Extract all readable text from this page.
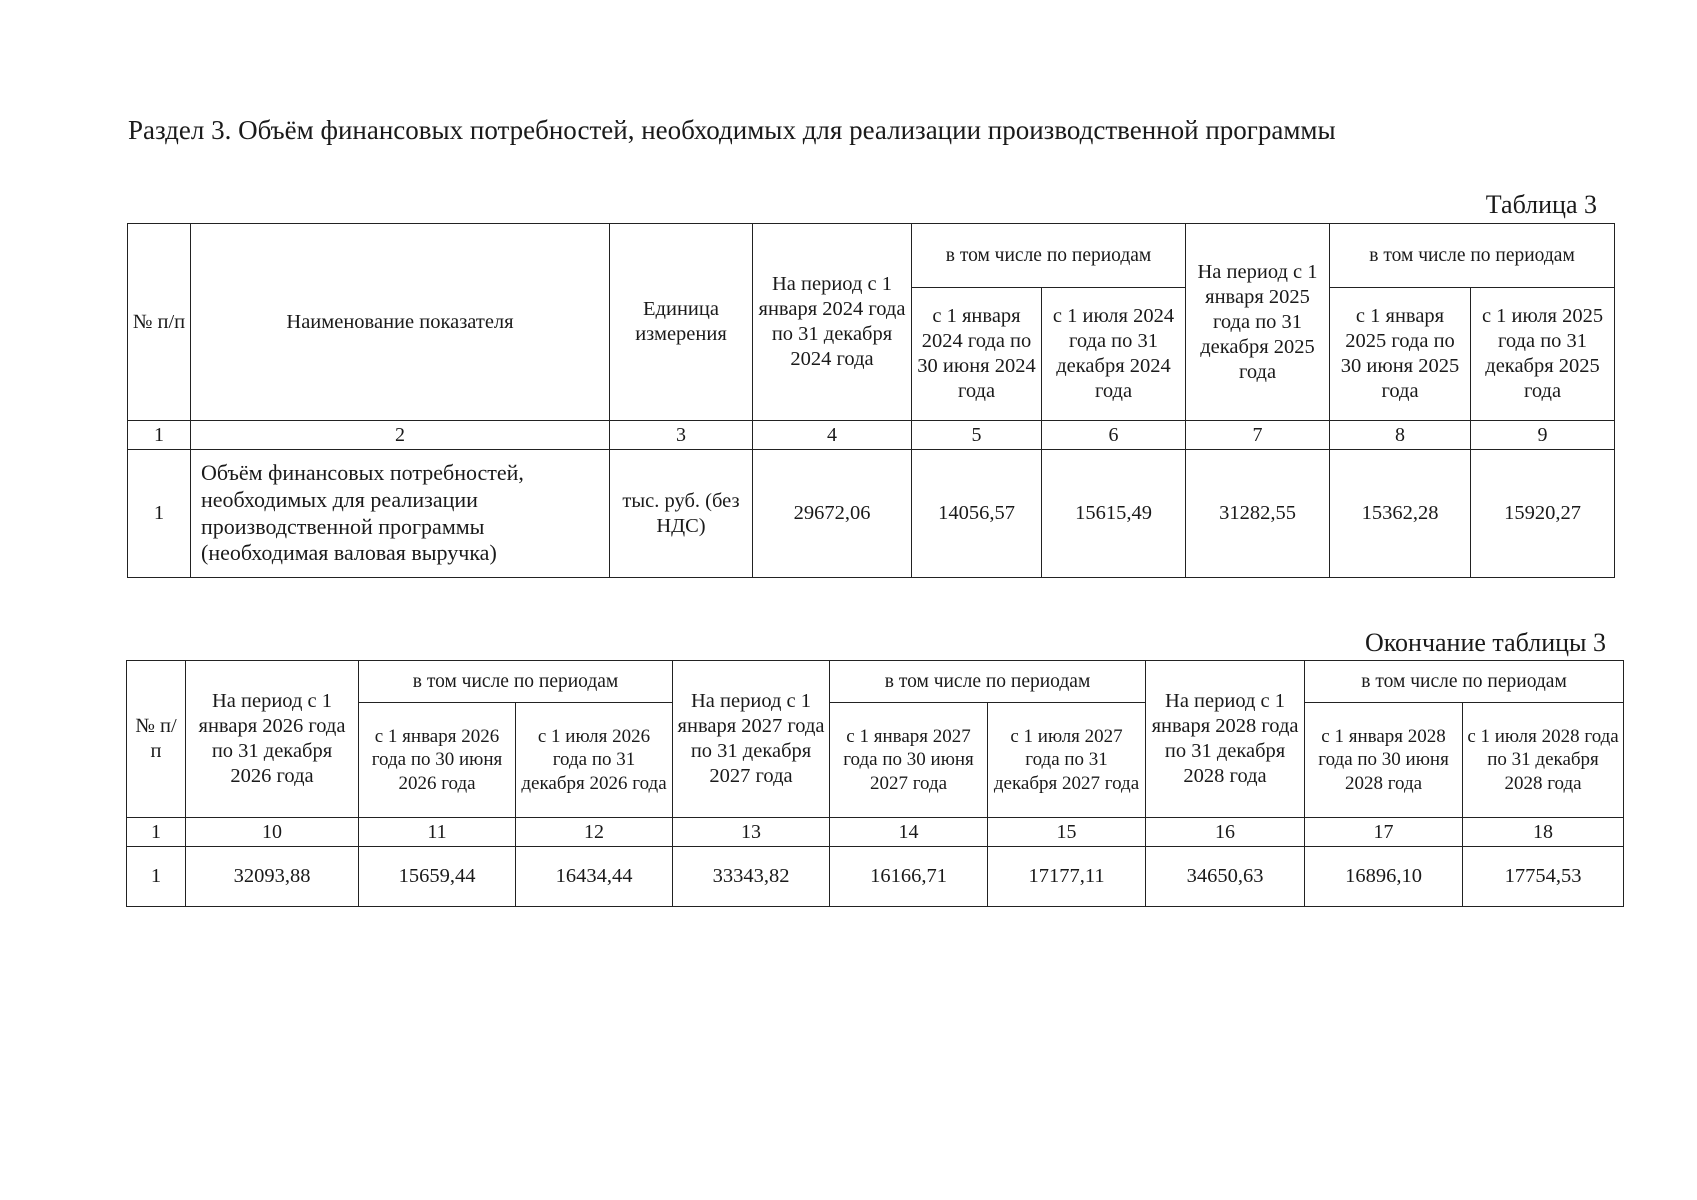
Раздел 3. Объём финансовых потребностей, необходимых для реализации производственной программы
Таблица 3
№ п/п	Наименование показателя	Единица измерения	На период с 1 января 2024 года по 31 декабря 2024 года	в том числе по периодам		На период с 1 января 2025 года по 31 декабря 2025 года	в том числе по периодам	
				с 1 января 2024 года по 30 июня 2024 года	с 1 июля 2024 года по 31 декабря 2024 года		с 1 января 2025 года по 30 июня 2025 года	с 1 июля 2025 года по 31 декабря 2025 года
1	2	3	4	5	6	7	8	9
1	Объём финансовых потребностей, необходимых для реализации производственной программы (необходимая валовая выручка)	тыс. руб. (без НДС)	29672,06	14056,57	15615,49	31282,55	15362,28	15920,27
Окончание таблицы 3
№ п/п	На период с 1 января 2026 года по 31 декабря 2026 года	в том числе по периодам		На период с 1 января 2027 года по 31 декабря 2027 года	в том числе по периодам		На период с 1 января 2028 года по 31 декабря 2028 года	в том числе по периодам	
		с 1 января 2026 года по 30 июня 2026 года	с 1 июля 2026 года по 31 декабря 2026 года		с 1 января 2027 года по 30 июня 2027 года	с 1 июля 2027 года по 31 декабря 2027 года		с 1 января 2028 года по 30 июня 2028 года	с 1 июля 2028 года по 31 декабря 2028 года
1	10	11	12	13	14	15	16	17	18
1	32093,88	15659,44	16434,44	33343,82	16166,71	17177,11	34650,63	16896,10	17754,53
